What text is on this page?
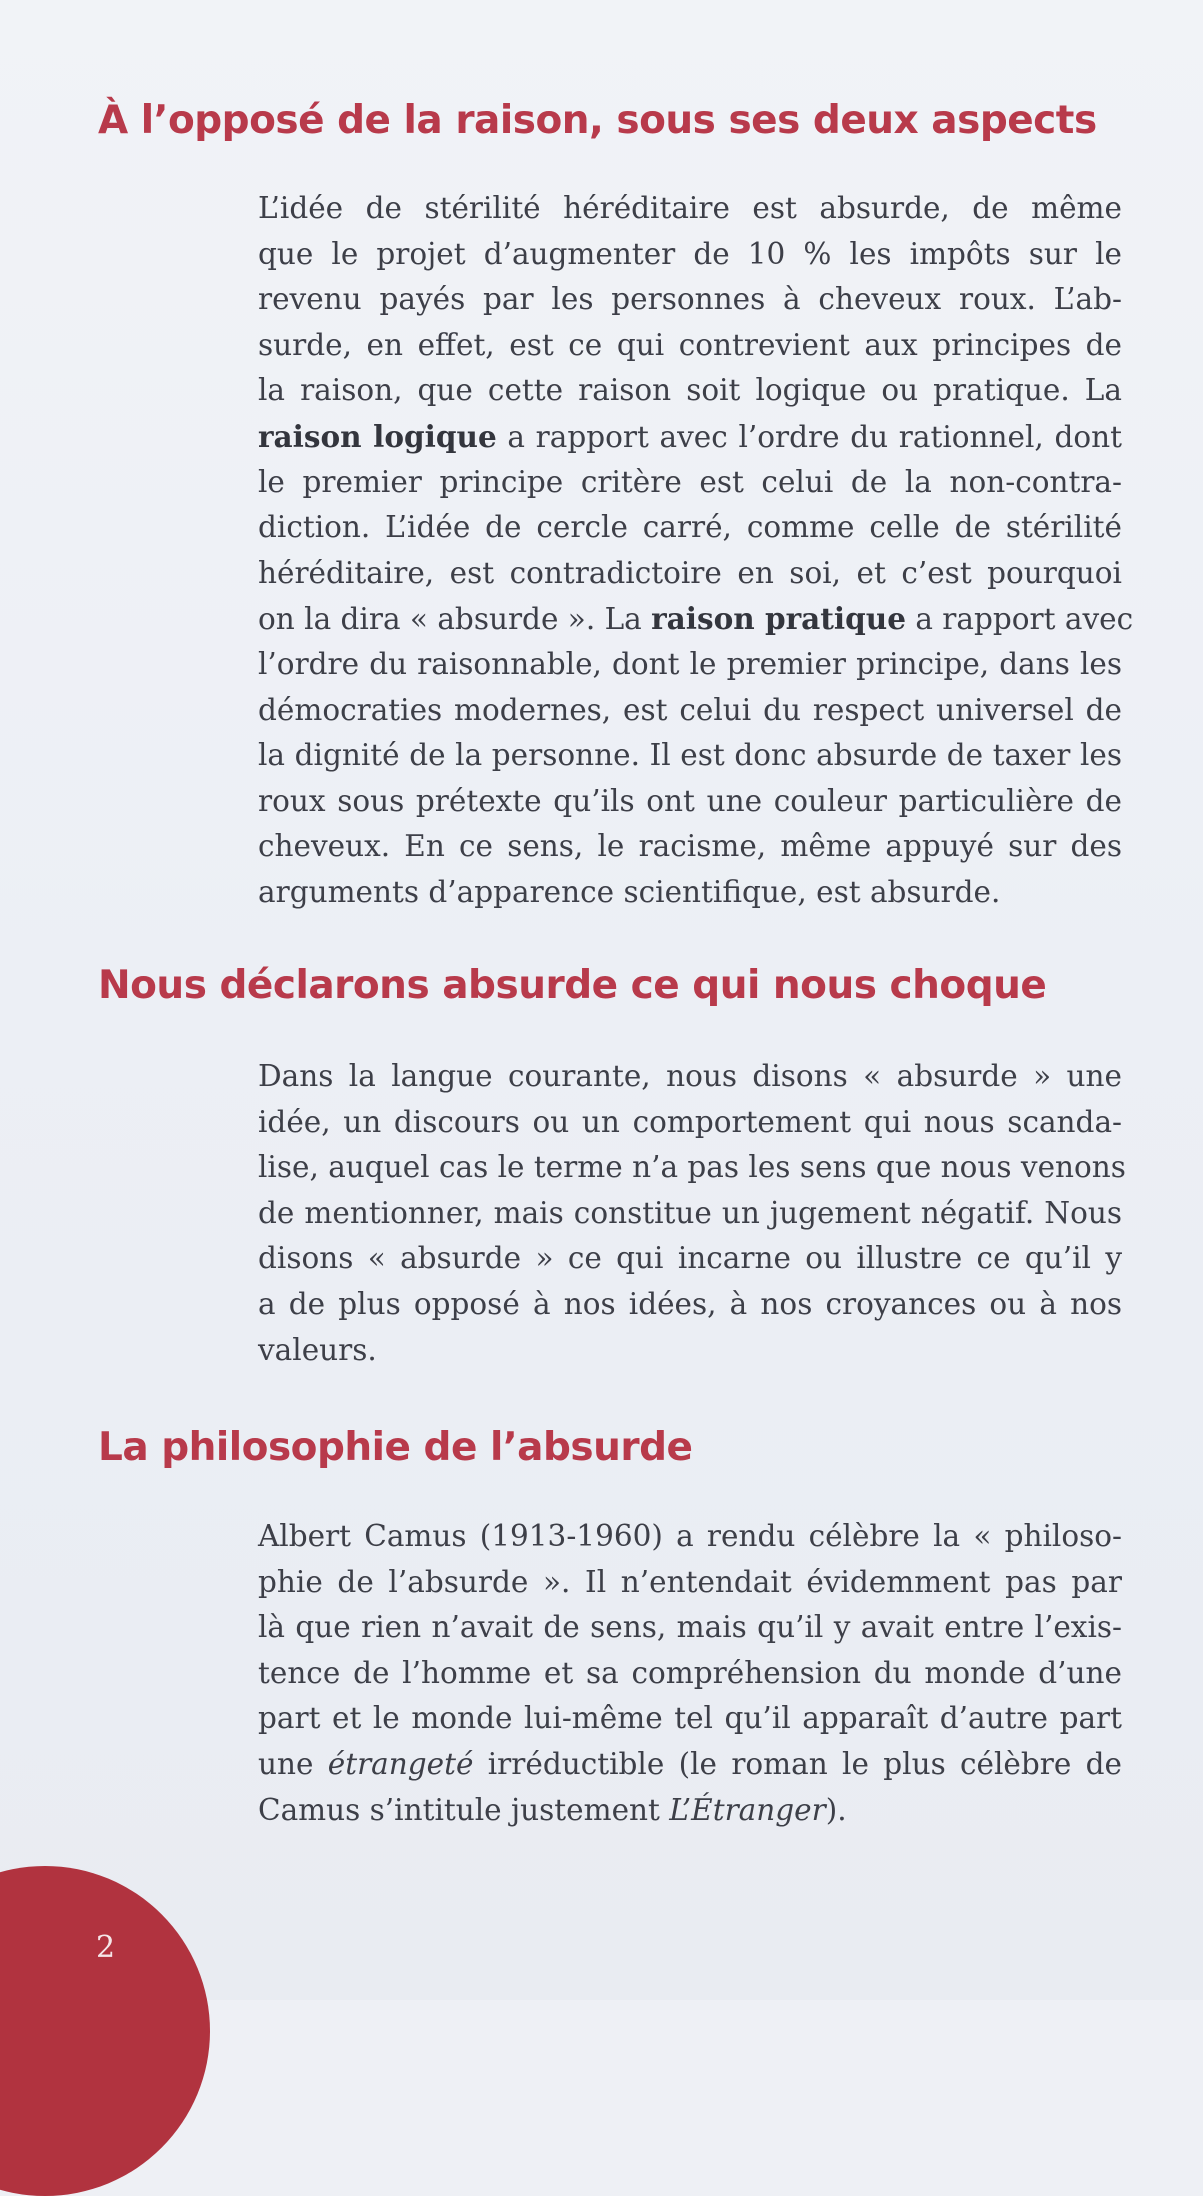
À l’opposé de la raison, sous ses deux aspects
L’idée de stérilité héréditaire est absurde, de même
que le projet d’augmenter de 10 % les impôts sur le
revenu payés par les personnes à cheveux roux. L’ab-
surde, en effet, est ce qui contrevient aux principes de
la raison, que cette raison soit logique ou pratique. La
raison logique a rapport avec l’ordre du rationnel, dont
le premier principe critère est celui de la non-contra-
diction. L’idée de cercle carré, comme celle de stérilité
héréditaire, est contradictoire en soi, et c’est pourquoi
on la dira « absurde ». La raison pratique a rapport avec
l’ordre du raisonnable, dont le premier principe, dans les
démocraties modernes, est celui du respect universel de
la dignité de la personne. Il est donc absurde de taxer les
roux sous prétexte qu’ils ont une couleur particulière de
cheveux. En ce sens, le racisme, même appuyé sur des
arguments d’apparence scientifique, est absurde.
Nous déclarons absurde ce qui nous choque
Dans la langue courante, nous disons « absurde » une
idée, un discours ou un comportement qui nous scanda-
lise, auquel cas le terme n’a pas les sens que nous venons
de mentionner, mais constitue un jugement négatif. Nous
disons « absurde » ce qui incarne ou illustre ce qu’il y
a de plus opposé à nos idées, à nos croyances ou à nos
valeurs.
La philosophie de l’absurde
Albert Camus (1913-1960) a rendu célèbre la « philoso-
phie de l’absurde ». Il n’entendait évidemment pas par
là que rien n’avait de sens, mais qu’il y avait entre l’exis-
tence de l’homme et sa compréhension du monde d’une
part et le monde lui-même tel qu’il apparaît d’autre part
une étrangeté irréductible (le roman le plus célèbre de
Camus s’intitule justement L’Étranger).
2
